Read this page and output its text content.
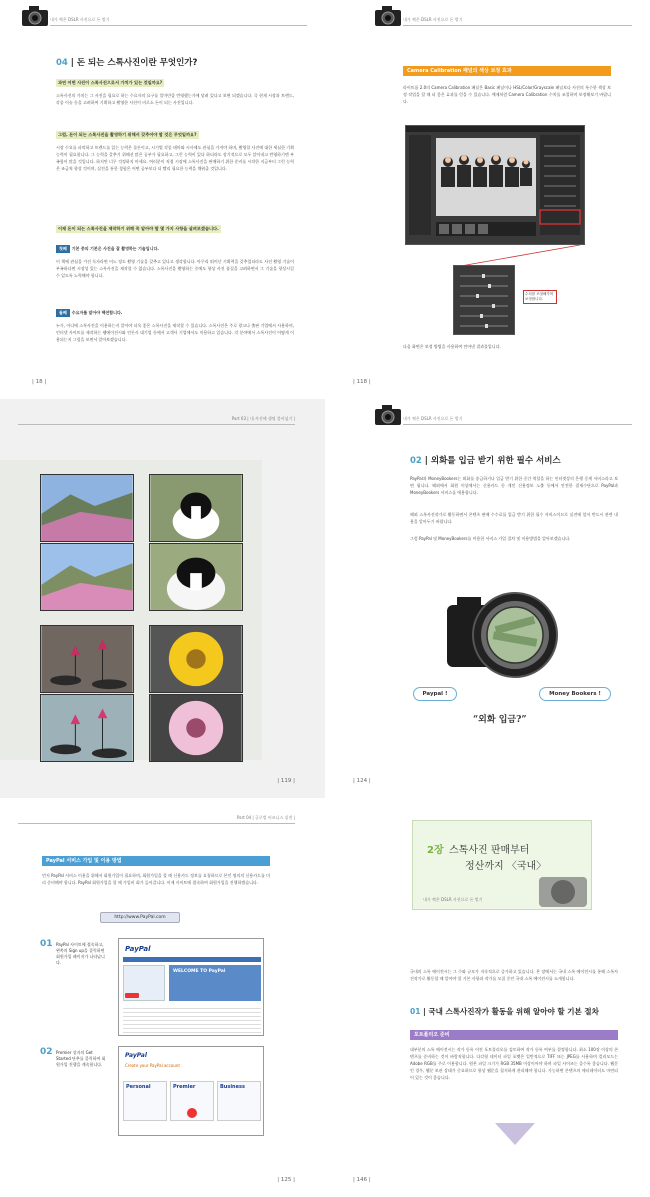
내가 찍은 DSLR 사진으로 돈 벌기
04 | 돈 되는 스톡사진이란 무엇인가?
과연 어떤 사진이 스톡사진으로서 가치가 있는 것일까요?
스톡사진의 가치는 그 사진을 필요로 하는 수요자의 요구를 얼마만큼 반영했는가에 달려 있다고 보면 되겠습니다. 즉 현재 시장과 트렌드, 각종 이슈 등을 고려하여 기획하고 촬영한 사진이 비로소 돈이 되는 사진입니다.
그럼, 돈이 되는 스톡사진을 촬영하기 위해서 갖추어야 할 것은 무엇일까요?
시장 수요를 파악하고 트렌드를 읽는 능력은 물론이고, 시기별 각종 테마와 시사에도 관심을 가져야 하며, 촬영할 사진에 대한 세심한 기획 능력이 필요합니다. 그 능력을 갖추기 위해선 많은 공부가 필요하고, 그런 능력이 있다 하더라도 장기적으로 모두 알아내고 반영하기엔 부족함이 많을 것입니다. 하지만 너무 걱정하지 마세요. 여러분이 직접 시장에 스톡사진을 판매하기 위한 준비를 시작한 지금부터 그런 능력은 조금씩 향상 것이며, 실전을 통한 경험은 어떤 공부보다 더 빨리 필요한 능력을 채워줄 것입니다.
이제 돈이 되는 스톡사진을 제작하기 위해 꼭 알아야 할 몇 가지 사항을 살펴보겠습니다.
첫째 기본 중의 기본은 사진을 잘 촬영하는 기술입니다.
이 책에 관심을 가진 독자라면 어느 정도 촬영 기술을 갖추고 있다고 생각합니다. 아무리 뛰어난 기획력을 갖추었더라도 사진 촬영 기술이 부족하다면 시장성 있는 스톡사진을 제작할 수 없습니다. 스톡사진을 촬영하는 중에도 항상 사진 품질을 고려하면서 그 기술을 향상시킬 수 있도록 노력해야 합니다.
둘째 수요자를 알아야 팩션합니다.
누가, 어디에 스톡사진을 이용하는지 알아야 더욱 좋은 스톡사진을 제작할 수 있습니다. 스톡사진은 주로 광고나 출판 기업에서 사용하며, 인터넷 사이트를 제작하는 웹에이전시와 언론사 대기업 등에서 고객사 기업에서도 이용하고 있습니다. 각 분야에서 스톡사진이 어떻게 이용되는지 그림을 보면서 알아보겠습니다.
| 18 |
내가 찍은 DSLR 사진으로 돈 벌기
Camera Calibration 패널의 색상 보정 효과
라이트룸 2.0의 Camera Calibration 패널은 Basic 패널이나 HSL/Color/Grayscale 패널보다 사진의 특수한 색상 보정 작업을 할 때 더 좋은 효과를 얻을 수 있습니다. 예제처럼 Camera Calibration 수치를 조절하며 보정해보기 바랍니다.
수치를 조절해가며 보정합니다.
다음 화면은 보정 방법을 사용하여 만어낸 결과물입니다.
| 118 |
Part 03 | 내 사진에 생명 불어넣기 |
| 119 |
내가 찍은 DSLR 사진으로 돈 벌기
02 | 외화를 입금 받기 위한 필수 서비스
PayPal과 MoneyBookers는 외화를 송금하거나 입금 받기 위한 중간 역할을 하는 인터넷상의 은행 중계 서비스라고 보면 됩니다. 해외에서 회원 이상에서는 신용카드 등 개인 신용정보 노출 등에서 안전한 결제수단으로 PayPal과 MoneyBookers 서비스를 애용합니다.
해외 스톡사진작가로 활동하면서 콘텐츠 판매 수수료를 입금 받기 위한 필수 서비스이므로 실전에 앞서 반드시 관련 내용을 알아두기 바랍니다.
그럼 PayPal 및 MoneyBookers를 이용한 서비스 가입 절차 및 이용방법을 알아보겠습니다.
Paypal !	Money Bookers !
“외화 입금?”
| 124 |
Part 04 | 글로벌 비즈니스 실전 |
PayPal 서비스 가입 및 이용 방법
먼저 PayPal 서비스 이용을 위해서 회원가입이 필요하며, 회원가입을 할 때 신용카드 정보를 요청하므로 본인 명의의 신용카드를 미리 준비해야 합니다. PayPal 회원가입을 할 때 가입비 회가 들어갑니다. 이제 사이트에 접속하여 회원가입을 진행하겠습니다.
http://www.PayPal.com
01 PayPal 사이트에 접속하고, 왼쪽의 Sign up을 클릭하면 회원가입 페이지가 나타납니다.
PayPal
WELCOME TO PayPal
02 Premier 상자의 Get Started 단추를 클릭하여 회원가입 진행을 계속합니다.
PayPal
Create your PayPal account
Personal	Premier	Business
| 125 |
2장 스톡사진 판매부터
정산까지 〈국내〉
내가 찍은 DSLR 사진으로 돈 벌기
국내의 스톡 에이전시는 그 수와 규모가 지속적으로 증가하고 있습니다. 본 장에서는 국내 스톡 에이전시를 통해 스톡사진작가로 활동할 때 알아야 할 기본 사항과 작가를 모집 중인 국내 스톡 에이전시를 소개합니다.
01 | 국내 스톡사진작가 활동을 위해 알아야 할 기본 절차
포트폴리오 준비
대부분의 스톡 에이전시는 작가 등록 이전 포트폴리오를 검토하여 작가 등록 여부를 결정합니다. 최소 100장 이상의 콘텐츠를 준비하는 것이 바람직합니다. 다각형 데이터 파일 포맷은 일반적으로 TIFF 또는 JPEG를 사용하며 컬러모드는 Adobe RGB를 주로 이용합니다. 원본 파일 크기가 RGB 35MB 이상이어야 하며 파일 사이즈는 클수록 좋습니다. 웹문인 경우, 웹문 보관 상태가 중요하므로 항상 웹문을 철저하게 관리해야 합니다. 가능하면 콘텐츠의 메타데이터도 마련되어 있는 것이 좋습니다.
| 146 |
